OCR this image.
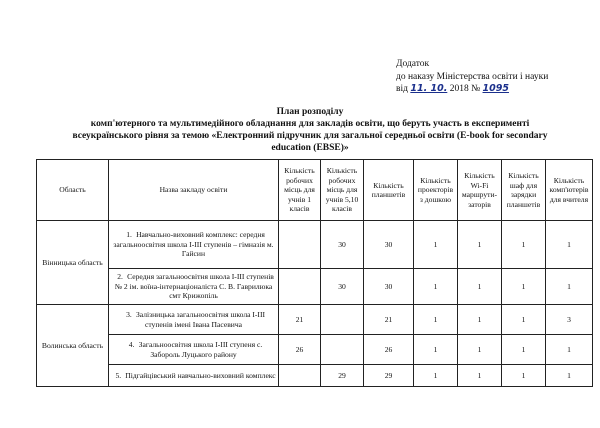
Додаток
до наказу Міністерства освіти і науки
від 11. 10. 2018 № 1095
План розподілу
комп'ютерного та мультимедійного обладнання для закладів освіти, що беруть участь в експерименті
всеукраїнського рівня за темою «Електронний підручник для загальної середньої освіти (E-book for secondary
education (EBSE)»
Область	Назва закладу освіти	Кількість робочих місць для учнів 1 класів	Кількість робочих місць для учнів 5,10 класів	Кількість планшетів	Кількість проекторів з дошкою	Кількість Wi-Fi маршрути-заторів	Кількість шаф для зарядки планшетів	Кількість комп'ютерів для вчителя
Вінницька область	1. Навчально-виховний комплекс: середня загальноосвітня школа І-ІІІ ступенів – гімназія м. Гайсин		30	30	1	1	1	1
	2. Середня загальноосвітня школа І-ІІІ ступенів № 2 ім. воїна-інтернаціоналіста С. В. Гаврилюка смт Крижопіль		30	30	1	1	1	1
Волинська область	3. Залізницька загальноосвітня школа І-ІІІ ступенів імені Івана Пасевича	21		21	1	1	1	3
	4. Загальноосвітня школа І-ІІІ ступеня с. Забороль Луцького району	26		26	1	1	1	1
	5. Підгайцівський навчально-виховний комплекс		29	29	1	1	1	1
